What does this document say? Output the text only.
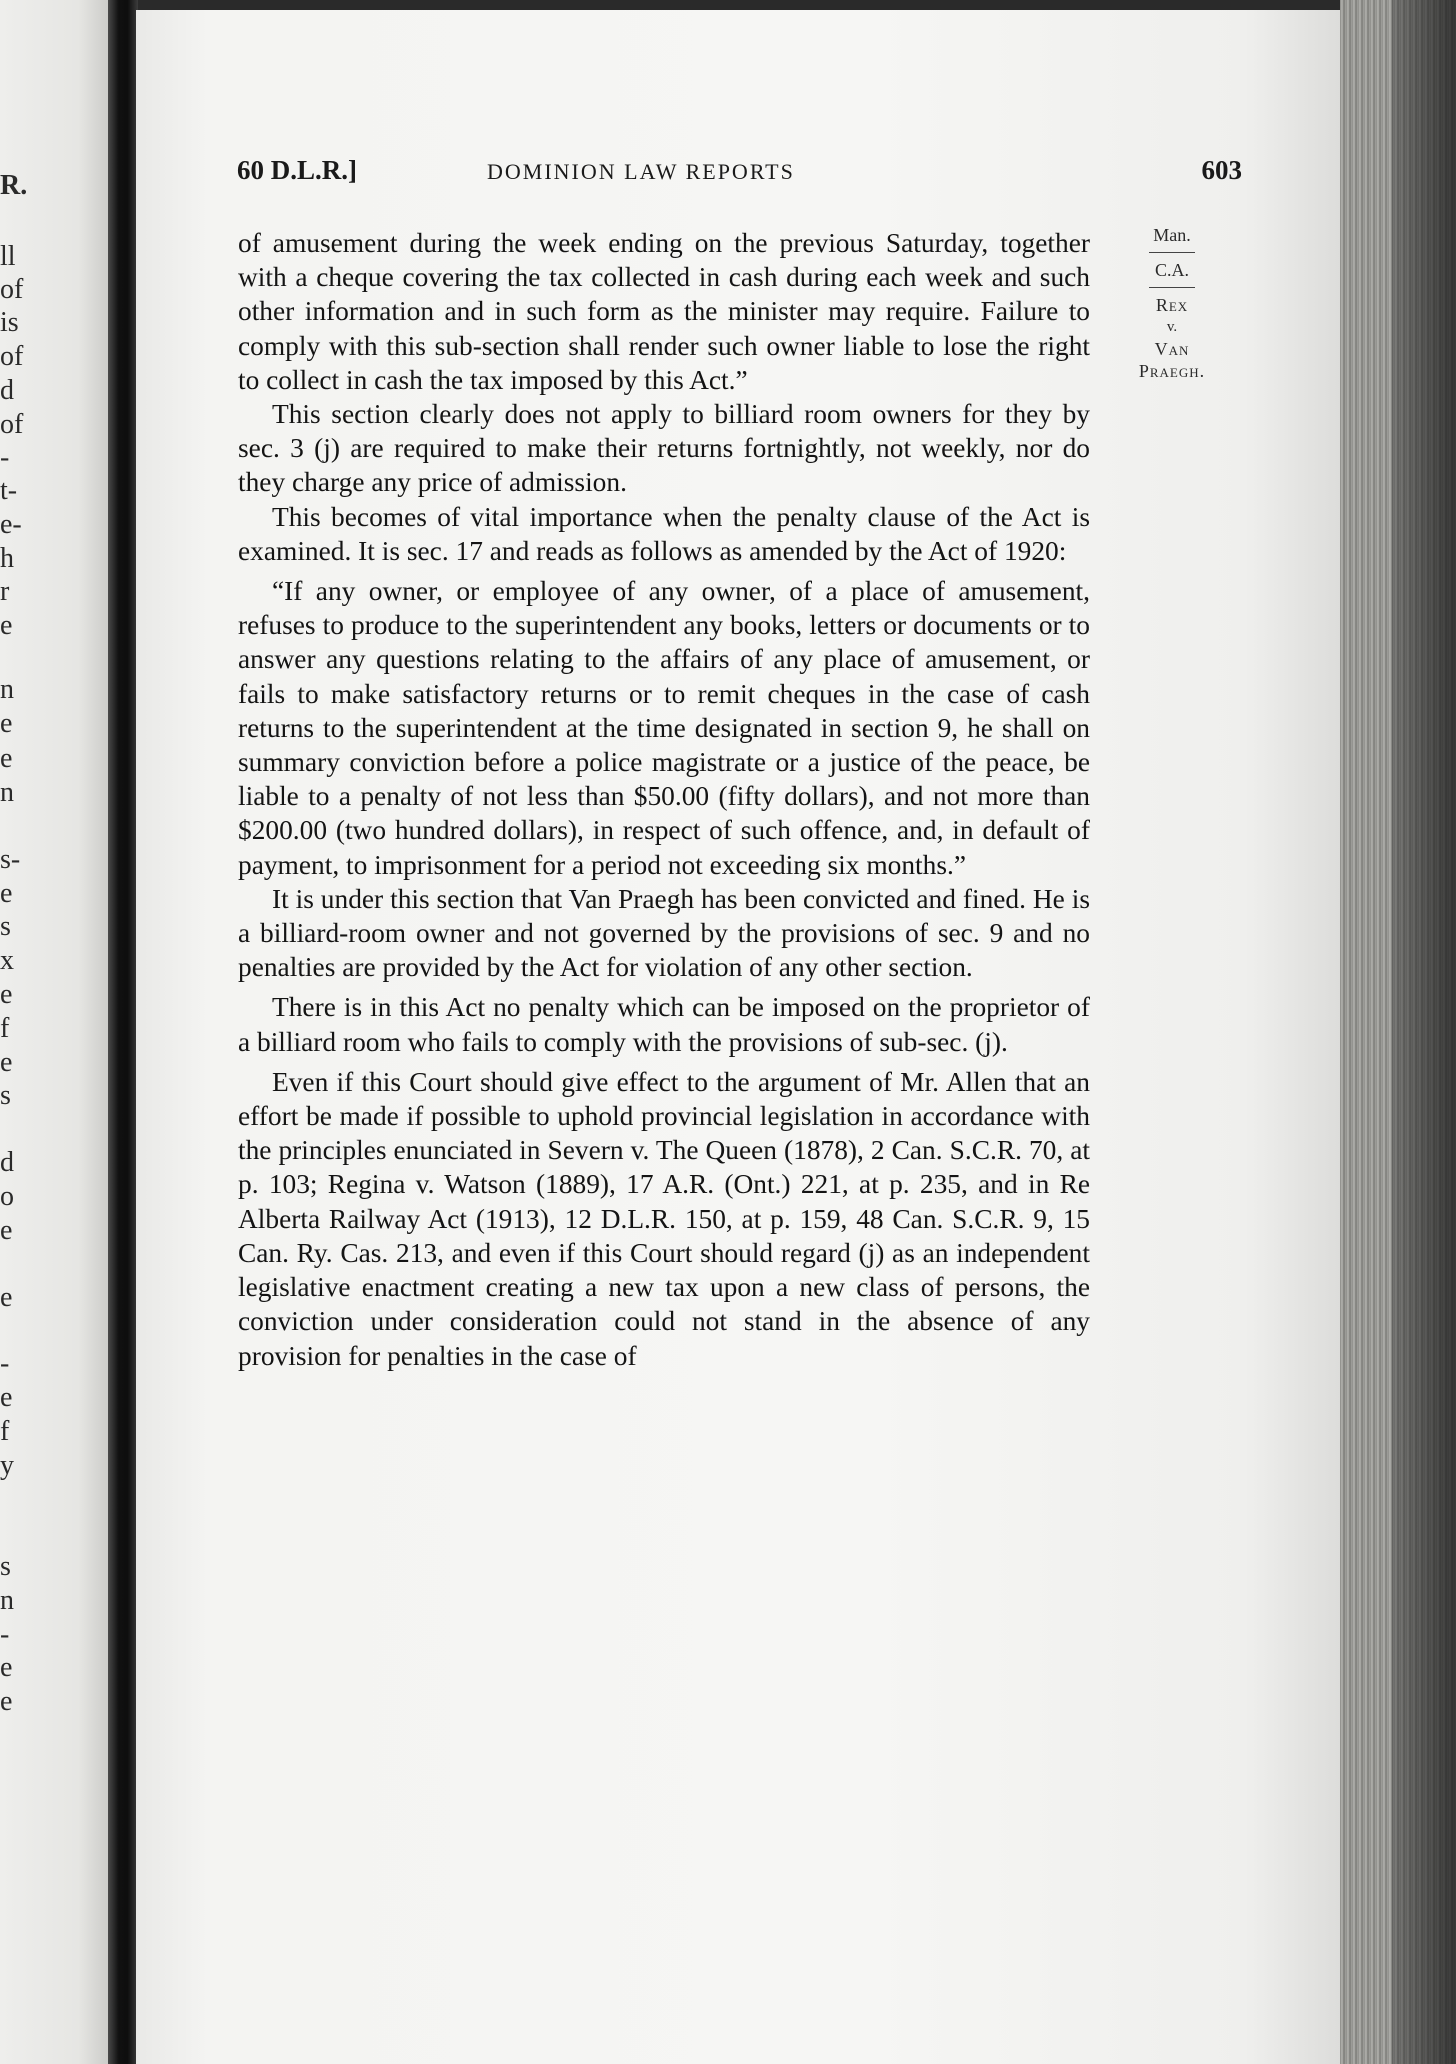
R.
ll
of
is
of
d
of
-
t-
e-
h
r
e
n
e
e
n
s-
e
s
x
e
f
e
s
d
o
e
e
-
e
f
y
s
n
-
e
e
60 D.L.R.]	DOMINION LAW REPORTS	603
Man.
C.A.
Rex
v.
Van
Praegh.

of amusement during the week ending on the previous Saturday, together with a cheque covering the tax collected in cash during each week and such other information and in such form as the minister may require. Failure to comply with this sub-section shall render such owner liable to lose the right to collect in cash the tax imposed by this Act.”

This section clearly does not apply to billiard room owners for they by sec. 3 (j) are required to make their returns fortnightly, not weekly, nor do they charge any price of admission.

This becomes of vital importance when the penalty clause of the Act is examined. It is sec. 17 and reads as follows as amended by the Act of 1920:

“If any owner, or employee of any owner, of a place of amusement, refuses to produce to the superintendent any books, letters or documents or to answer any questions relating to the affairs of any place of amusement, or fails to make satisfactory returns or to remit cheques in the case of cash returns to the superintendent at the time designated in section 9, he shall on summary conviction before a police magistrate or a justice of the peace, be liable to a penalty of not less than $50.00 (fifty dollars), and not more than $200.00 (two hundred dollars), in respect of such offence, and, in default of payment, to imprisonment for a period not exceeding six months.”

It is under this section that Van Praegh has been convicted and fined. He is a billiard-room owner and not governed by the provisions of sec. 9 and no penalties are provided by the Act for violation of any other section.

There is in this Act no penalty which can be imposed on the proprietor of a billiard room who fails to comply with the provisions of sub-sec. (j).

Even if this Court should give effect to the argument of Mr. Allen that an effort be made if possible to uphold provincial legislation in accordance with the principles enunciated in Severn v. The Queen (1878), 2 Can. S.C.R. 70, at p. 103; Regina v. Watson (1889), 17 A.R. (Ont.) 221, at p. 235, and in Re Alberta Railway Act (1913), 12 D.L.R. 150, at p. 159, 48 Can. S.C.R. 9, 15 Can. Ry. Cas. 213, and even if this Court should regard (j) as an independent legislative enactment creating a new tax upon a new class of persons, the conviction under consideration could not stand in the absence of any provision for penalties in the case of
